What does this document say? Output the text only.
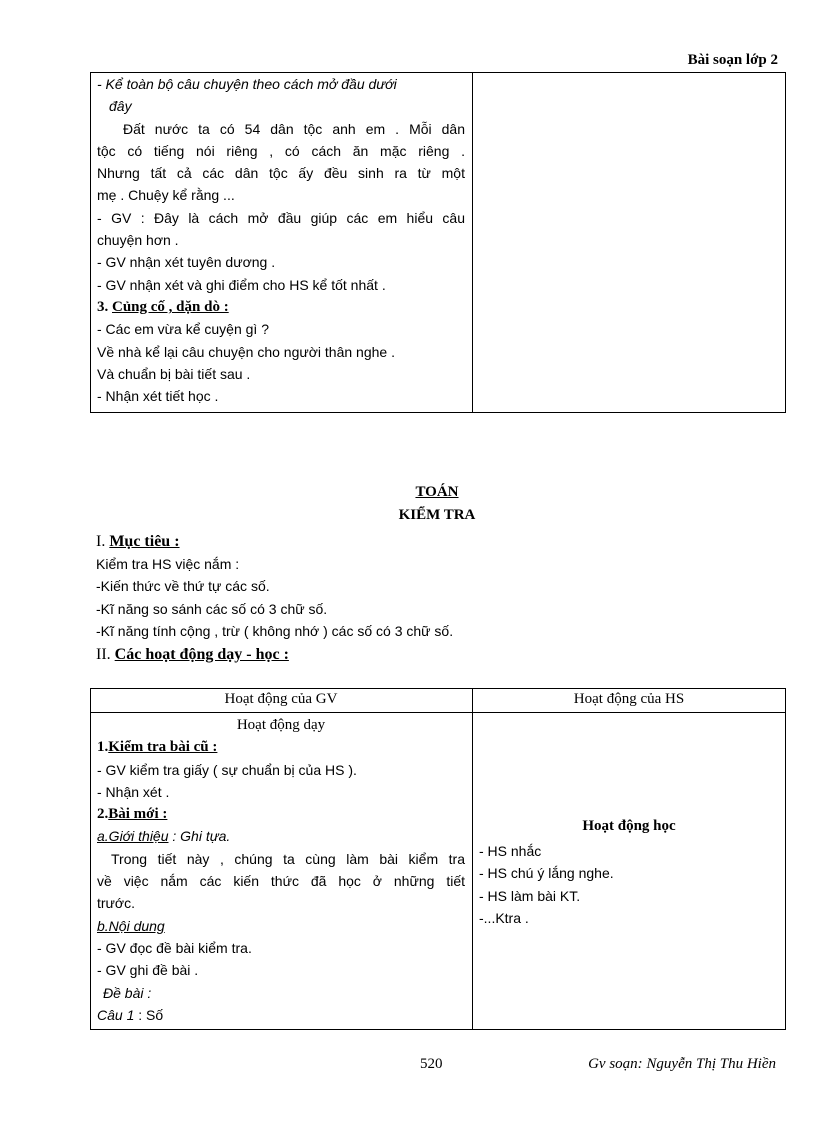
Bài soạn lớp 2
- Kể toàn bộ câu chuyện theo cách mở đầu dưới
đây
Đất nước ta có 54 dân tộc anh em . Mỗi dân
tộc có tiếng nói riêng , có cách ăn mặc riêng .
Nhưng tất cả các dân tộc ấy đều sinh ra từ một
mẹ . Chuệy kể rằng ...
- GV : Đây là cách mở đầu giúp các em hiểu câu
chuyện hơn .
- GV nhận xét tuyên dương .
- GV nhận xét và ghi điểm cho HS kể tốt nhất .
3. Củng cố , dặn dò :
- Các em vừa kể cuyện gì ?
Về nhà kể lại câu chuyện cho người thân nghe .
Và chuẩn bị bài tiết sau .
- Nhận xét tiết học .
TOÁN
KIỂM TRA
I. Mục tiêu :
Kiểm tra HS việc nắm :
-Kiến thức về thứ tự các số.
-Kĩ năng so sánh các số có 3 chữ số.
-Kĩ năng tính cộng , trừ ( không nhớ ) các số có 3 chữ số.
II. Các hoạt động dạy - học :
Hoạt động của GV	Hoạt động của HS
Hoạt động dạy
1.Kiểm tra bài cũ :
- GV kiểm tra giấy ( sự chuẩn bị của HS ).
- Nhận xét .
2.Bài mới :
a.Giới thiệu : Ghi tựa.
Trong tiết này , chúng ta cùng làm bài kiểm tra
về việc nắm các kiến thức đã học ở những tiết
trước.
b.Nội dung
- GV đọc đề bài kiểm tra.
- GV ghi đề bài .
Đề bài :
Câu 1 : Số
Hoạt động học
- HS nhắc
- HS chú ý lắng nghe.
- HS làm bài KT.
-...Ktra .
520	Gv soạn: Nguyễn Thị Thu Hiền
